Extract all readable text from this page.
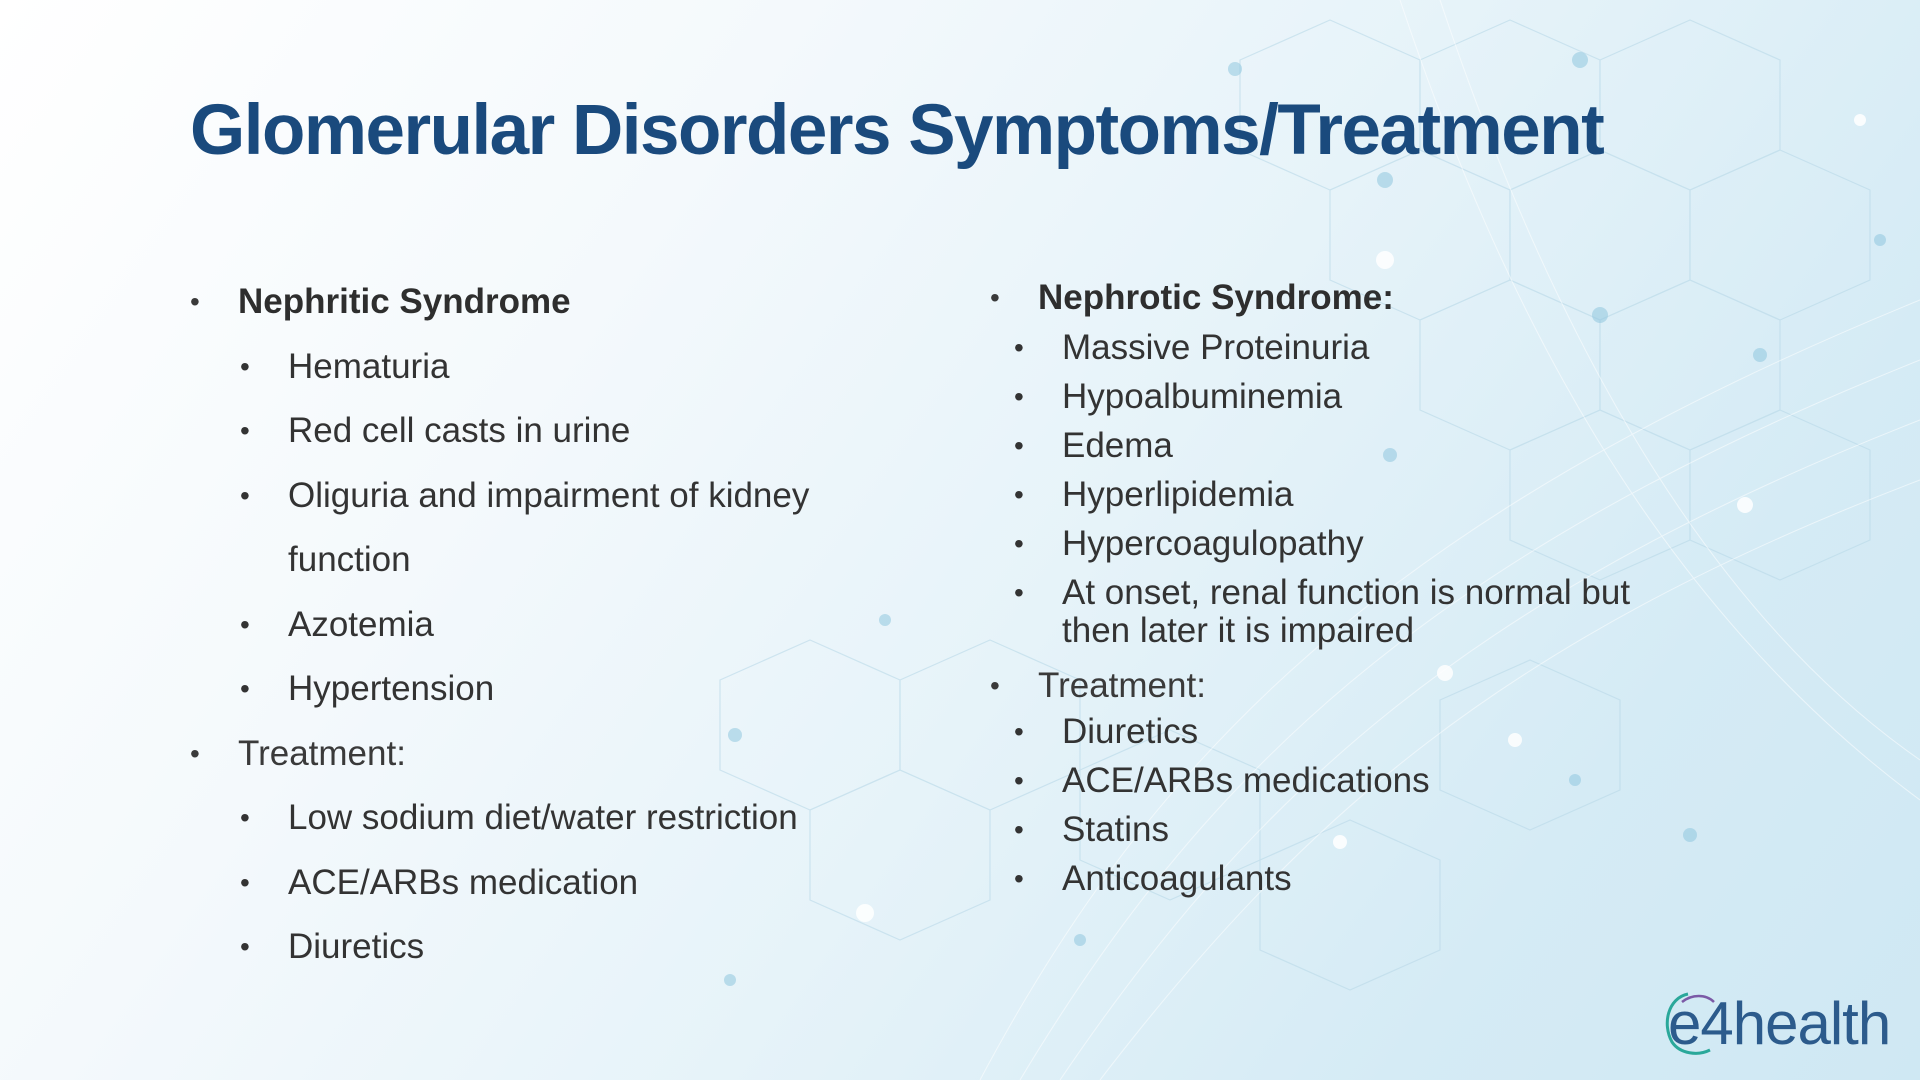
Glomerular Disorders Symptoms/Treatment
• Nephritic Syndrome
• Hematuria
• Red cell casts in urine
• Oliguria and impairment of kidney function
• Azotemia
• Hypertension
• Treatment:
• Low sodium diet/water restriction
• ACE/ARBs medication
• Diuretics
• Nephrotic Syndrome:
• Massive Proteinuria
• Hypoalbuminemia
• Edema
• Hyperlipidemia
• Hypercoagulopathy
• At onset, renal function is normal but then later it is impaired
• Treatment:
• Diuretics
• ACE/ARBs medications
• Statins
• Anticoagulants
e4health
